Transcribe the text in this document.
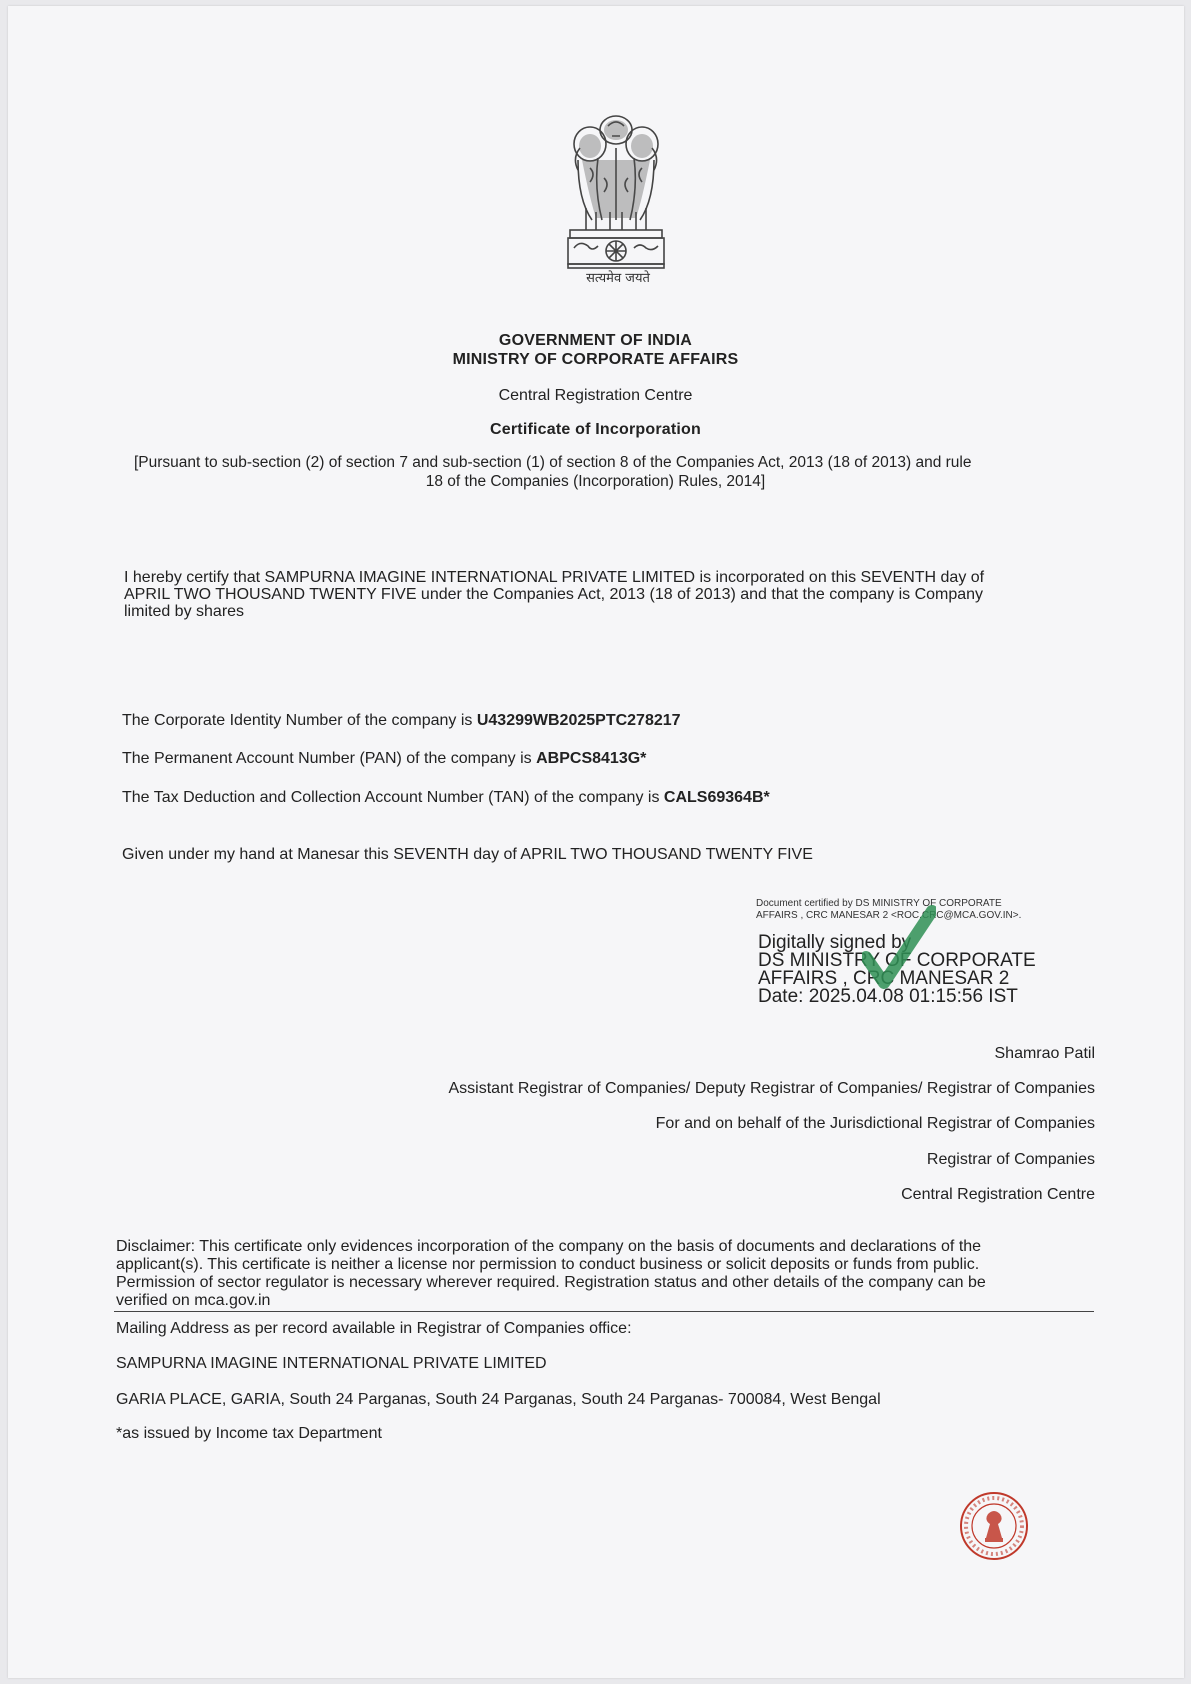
सत्यमेव जयते
GOVERNMENT OF INDIA
MINISTRY OF CORPORATE AFFAIRS
Central Registration Centre
Certificate of Incorporation
[Pursuant to sub-section (2) of section 7 and sub-section (1) of section 8 of the Companies Act, 2013 (18 of 2013) and rule
18 of the Companies (Incorporation) Rules, 2014]
I hereby certify that SAMPURNA IMAGINE INTERNATIONAL PRIVATE LIMITED is incorporated on this SEVENTH day of
APRIL TWO THOUSAND TWENTY FIVE under the Companies Act, 2013 (18 of 2013) and that the company is Company
limited by shares
The Corporate Identity Number of the company is U43299WB2025PTC278217
The Permanent Account Number (PAN) of the company is ABPCS8413G*
The Tax Deduction and Collection Account Number (TAN) of the company is CALS69364B*
Given under my hand at Manesar this SEVENTH day of APRIL TWO THOUSAND TWENTY FIVE
Document certified by DS MINISTRY OF CORPORATE
AFFAIRS , CRC MANESAR 2 <ROC.CRC@MCA.GOV.IN>.
Digitally signed by
DS MINISTRY OF CORPORATE
AFFAIRS , CRC MANESAR 2
Date: 2025.04.08 01:15:56 IST
Shamrao Patil
Assistant Registrar of Companies/ Deputy Registrar of Companies/ Registrar of Companies
For and on behalf of the Jurisdictional Registrar of Companies
Registrar of Companies
Central Registration Centre
Disclaimer: This certificate only evidences incorporation of the company on the basis of documents and declarations of the
applicant(s). This certificate is neither a license nor permission to conduct business or solicit deposits or funds from public.
Permission of sector regulator is necessary wherever required. Registration status and other details of the company can be
verified on mca.gov.in
Mailing Address as per record available in Registrar of Companies office:
SAMPURNA IMAGINE INTERNATIONAL PRIVATE LIMITED
GARIA PLACE, GARIA, South 24 Parganas, South 24 Parganas, South 24 Parganas- 700084, West Bengal
*as issued by Income tax Department
